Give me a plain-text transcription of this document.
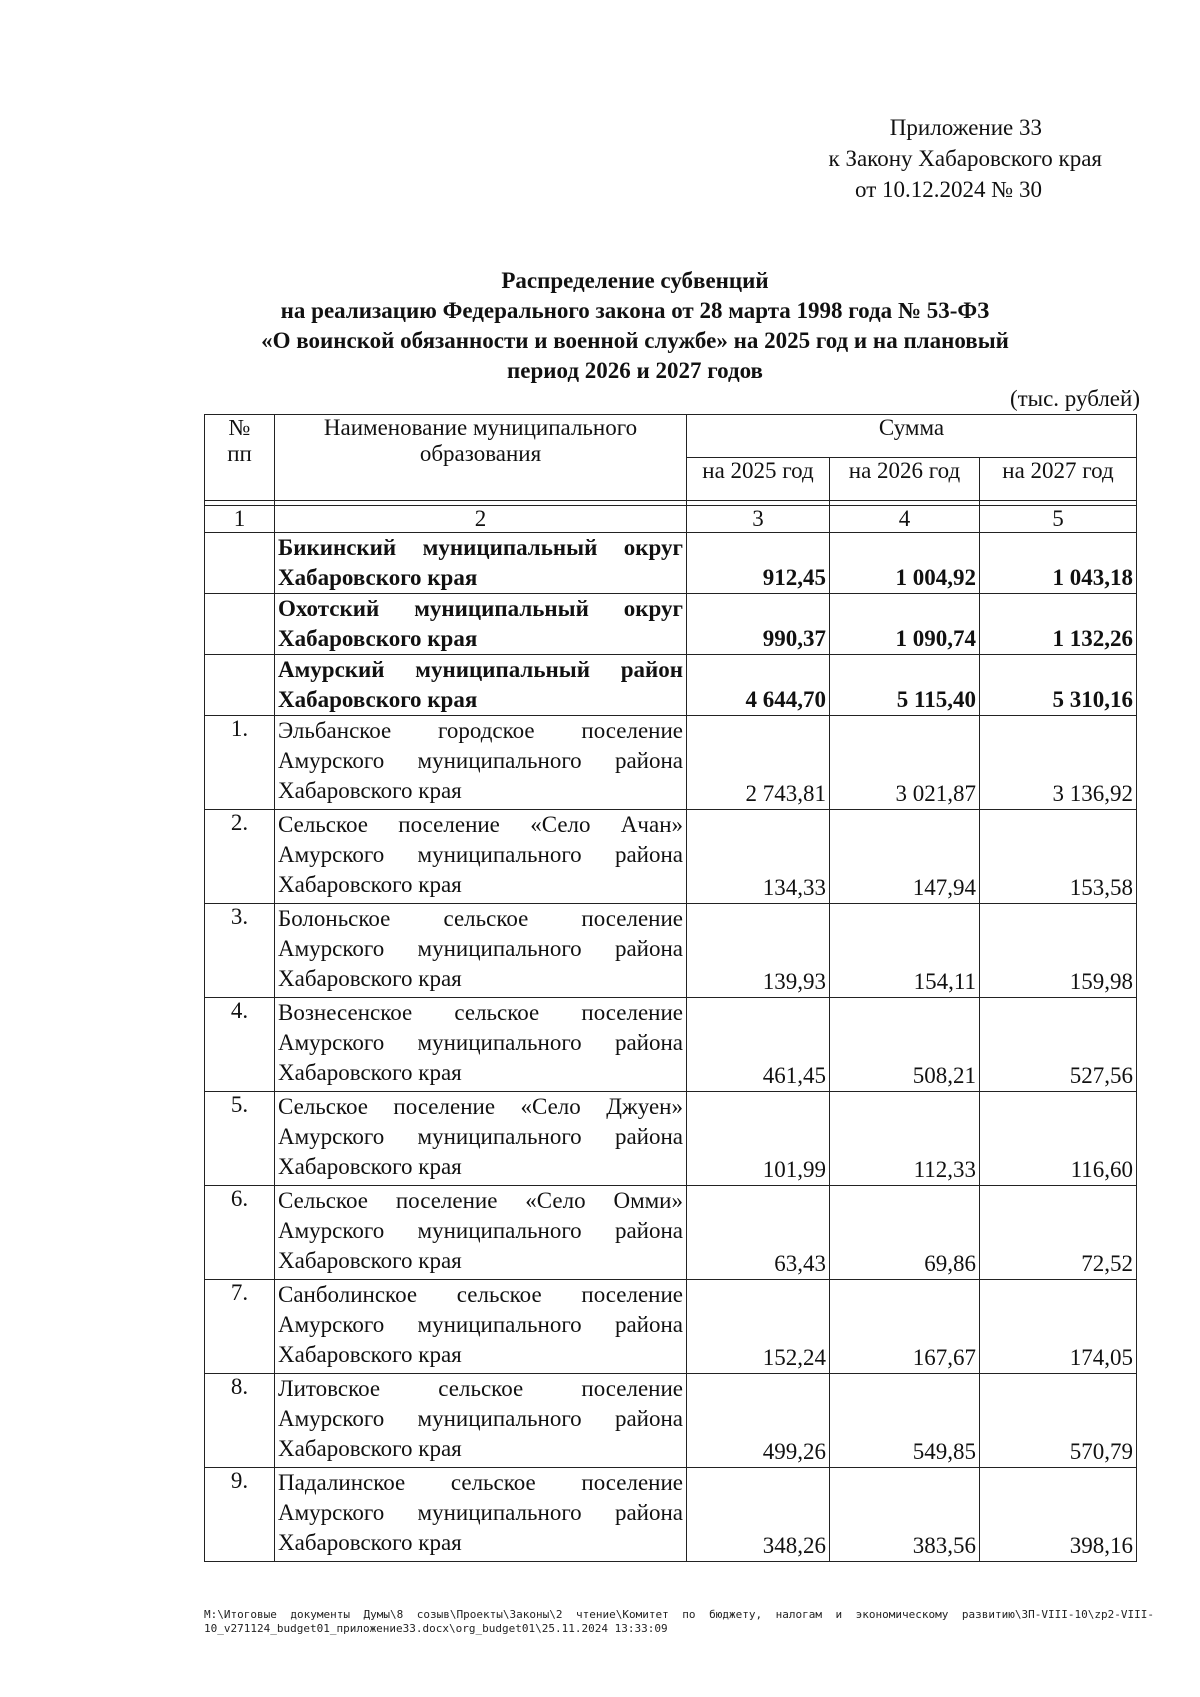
Приложение 33
к Закону Хабаровского края
от 10.12.2024 № 30
Распределение субвенций
на реализацию Федерального закона от 28 марта 1998 года № 53-ФЗ
«О воинской обязанности и военной службе» на 2025 год и на плановый
период 2026 и 2027 годов
(тыс. рублей)
№ пп	Наименование муниципального образования	Сумма		
		на 2025 год	на 2026 год	на 2027 год

1	2	3	4	5
	Бикинский муниципальный округ Хабаровского края	912,45	1 004,92	1 043,18
	Охотский муниципальный округ Хабаровского края	990,37	1 090,74	1 132,26
	Амурский муниципальный район Хабаровского края	4 644,70	5 115,40	5 310,16
1.	Эльбанское городское поселение Амурского муниципального района Хабаровского края	2 743,81	3 021,87	3 136,92
2.	Сельское поселение «Село Ачан» Амурского муниципального района Хабаровского края	134,33	147,94	153,58
3.	Болоньское сельское поселение Амурского муниципального района Хабаровского края	139,93	154,11	159,98
4.	Вознесенское сельское поселение Амурского муниципального района Хабаровского края	461,45	508,21	527,56
5.	Сельское поселение «Село Джуен» Амурского муниципального района Хабаровского края	101,99	112,33	116,60
6.	Сельское поселение «Село Омми» Амурского муниципального района Хабаровского края	63,43	69,86	72,52
7.	Санболинское сельское поселение Амурского муниципального района Хабаровского края	152,24	167,67	174,05
8.	Литовское сельское поселение Амурского муниципального района Хабаровского края	499,26	549,85	570,79
9.	Падалинское сельское поселение Амурского муниципального района Хабаровского края	348,26	383,56	398,16
M:\Итоговые документы Думы\8 созыв\Проекты\Законы\2 чтение\Комитет по бюджету, налогам и экономическому развитию\ЗП-VIII-10\zp2-VIII-10_v271124_budget01_приложение33.docx\org_budget01\25.11.2024 13:33:09
